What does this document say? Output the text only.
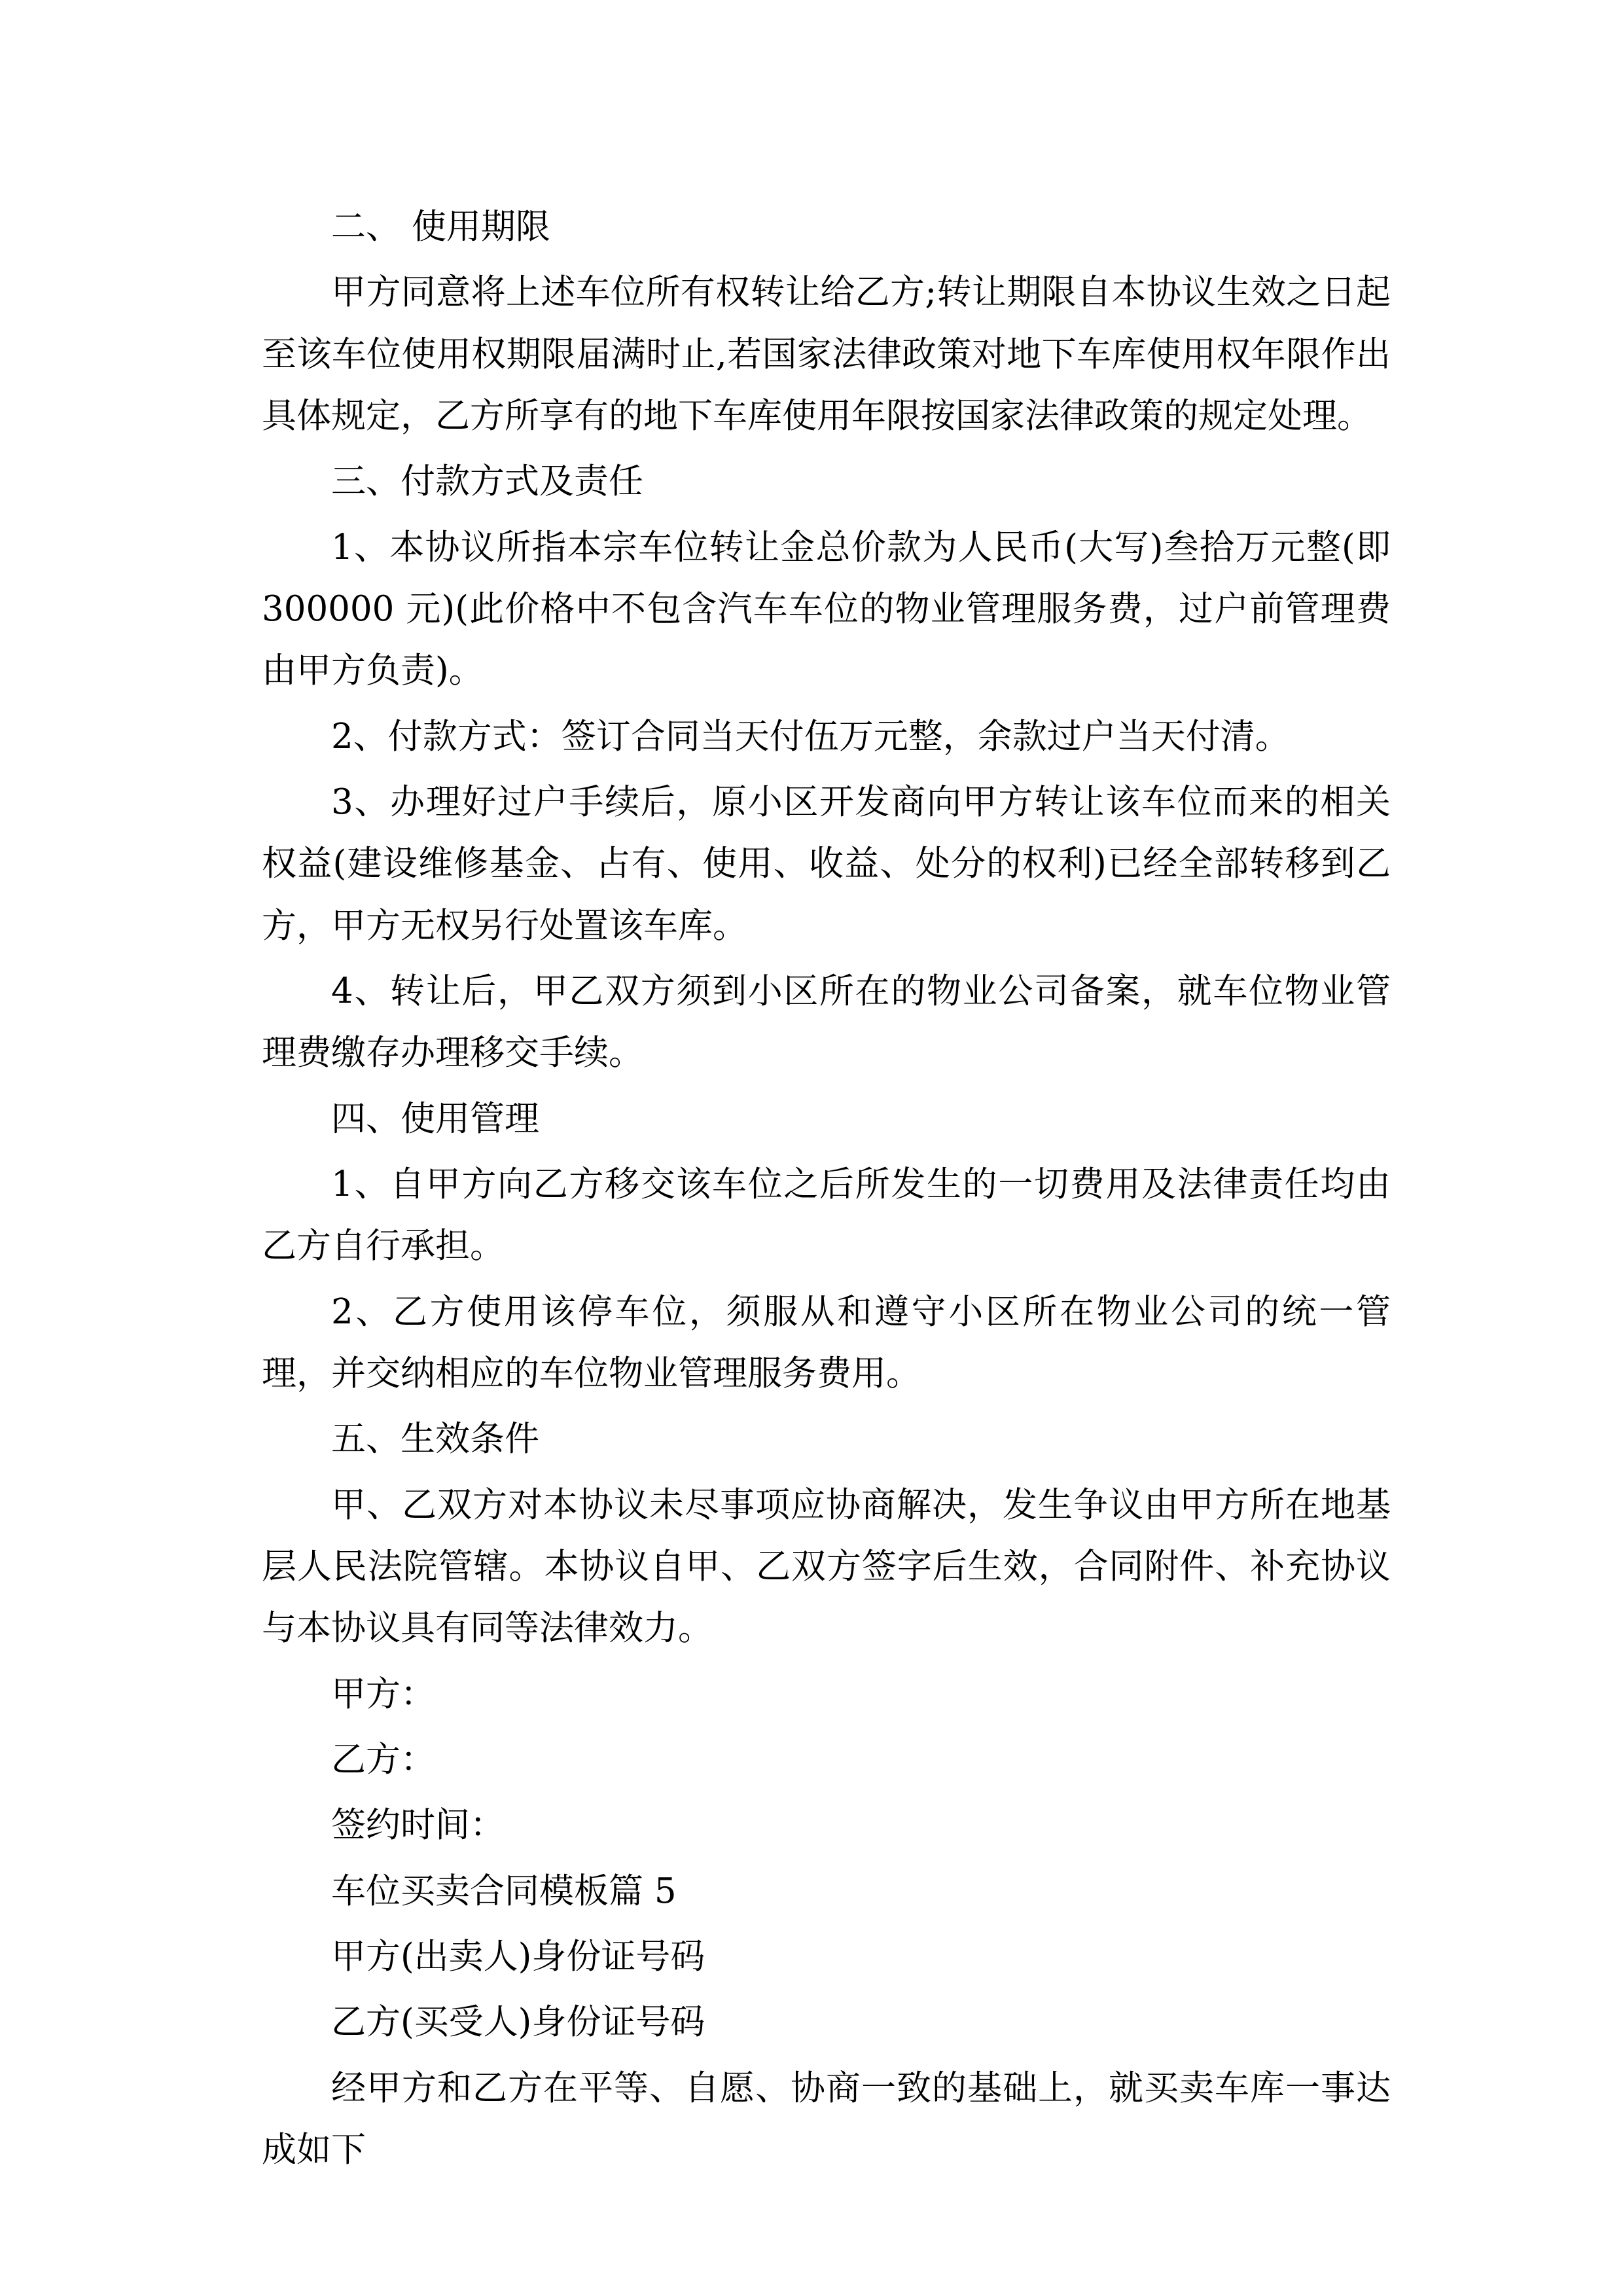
二、 使用期限

甲方同意将上述车位所有权转让给乙方;转让期限自本协议生效之日起至该车位使用权期限届满时止,若国家法律政策对地下车库使用权年限作出具体规定，乙方所享有的地下车库使用年限按国家法律政策的规定处理。

三、付款方式及责任

1、本协议所指本宗车位转让金总价款为人民币(大写)叁拾万元整(即 300000 元)(此价格中不包含汽车车位的物业管理服务费，过户前管理费由甲方负责)。

2、付款方式：签订合同当天付伍万元整，余款过户当天付清。

3、办理好过户手续后，原小区开发商向甲方转让该车位而来的相关权益(建设维修基金、占有、使用、收益、处分的权利)已经全部转移到乙方，甲方无权另行处置该车库。

4、转让后，甲乙双方须到小区所在的物业公司备案，就车位物业管理费缴存办理移交手续。

四、使用管理

1、自甲方向乙方移交该车位之后所发生的一切费用及法律责任均由乙方自行承担。

2、乙方使用该停车位，须服从和遵守小区所在物业公司的统一管理，并交纳相应的车位物业管理服务费用。

五、生效条件

甲、乙双方对本协议未尽事项应协商解决，发生争议由甲方所在地基层人民法院管辖。本协议自甲、乙双方签字后生效，合同附件、补充协议与本协议具有同等法律效力。

甲方：

乙方：

签约时间：

车位买卖合同模板篇 5

甲方(出卖人)身份证号码

乙方(买受人)身份证号码

经甲方和乙方在平等、自愿、协商一致的基础上，就买卖车库一事达成如下
